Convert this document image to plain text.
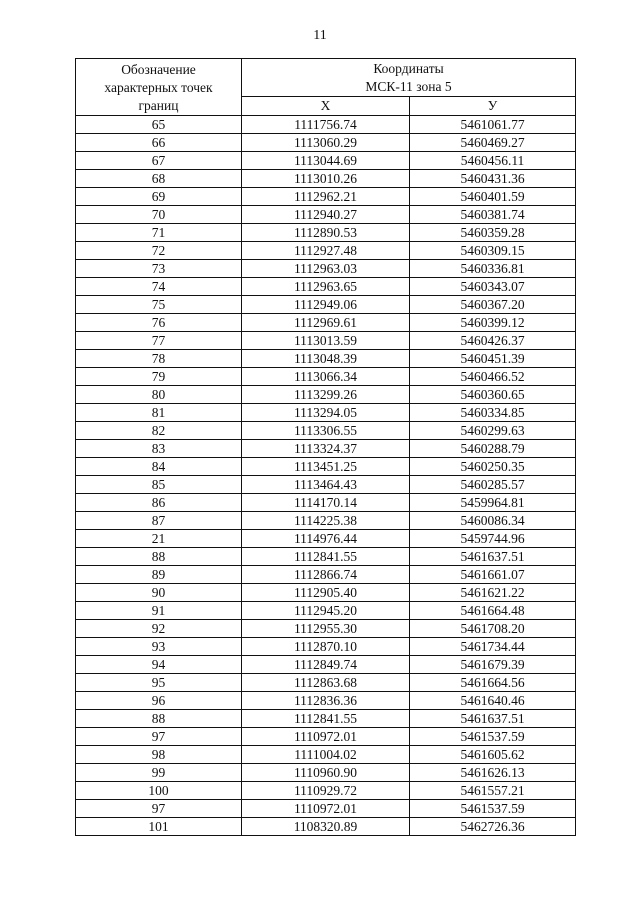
11
Обозначение
характерных точек
границ	Координаты
МСК-11 зона 5	

	X	У
65	1111756.74	5461061.77
66	1113060.29	5460469.27
67	1113044.69	5460456.11
68	1113010.26	5460431.36
69	1112962.21	5460401.59
70	1112940.27	5460381.74
71	1112890.53	5460359.28
72	1112927.48	5460309.15
73	1112963.03	5460336.81
74	1112963.65	5460343.07
75	1112949.06	5460367.20
76	1112969.61	5460399.12
77	1113013.59	5460426.37
78	1113048.39	5460451.39
79	1113066.34	5460466.52
80	1113299.26	5460360.65
81	1113294.05	5460334.85
82	1113306.55	5460299.63
83	1113324.37	5460288.79
84	1113451.25	5460250.35
85	1113464.43	5460285.57
86	1114170.14	5459964.81
87	1114225.38	5460086.34
21	1114976.44	5459744.96
88	1112841.55	5461637.51
89	1112866.74	5461661.07
90	1112905.40	5461621.22
91	1112945.20	5461664.48
92	1112955.30	5461708.20
93	1112870.10	5461734.44
94	1112849.74	5461679.39
95	1112863.68	5461664.56
96	1112836.36	5461640.46
88	1112841.55	5461637.51
97	1110972.01	5461537.59
98	1111004.02	5461605.62
99	1110960.90	5461626.13
100	1110929.72	5461557.21
97	1110972.01	5461537.59
101	1108320.89	5462726.36
